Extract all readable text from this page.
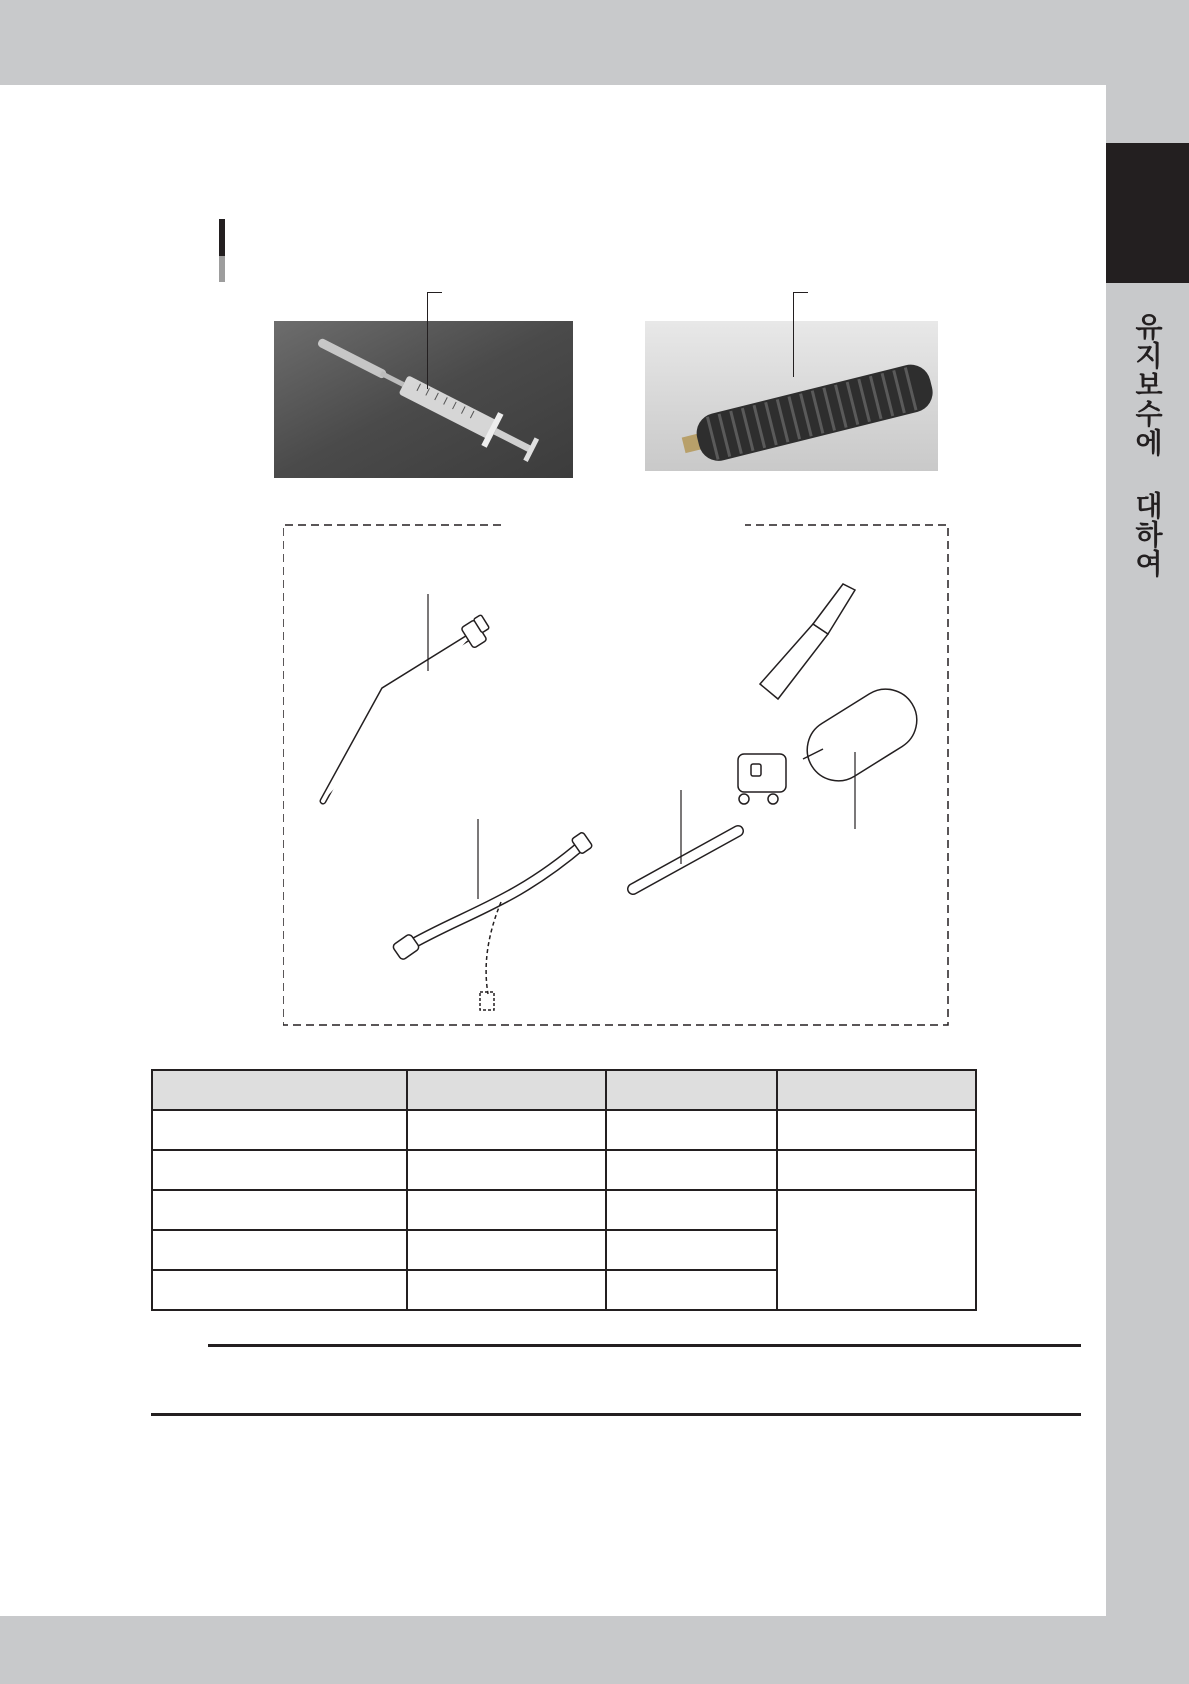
유지보수에 대하여
